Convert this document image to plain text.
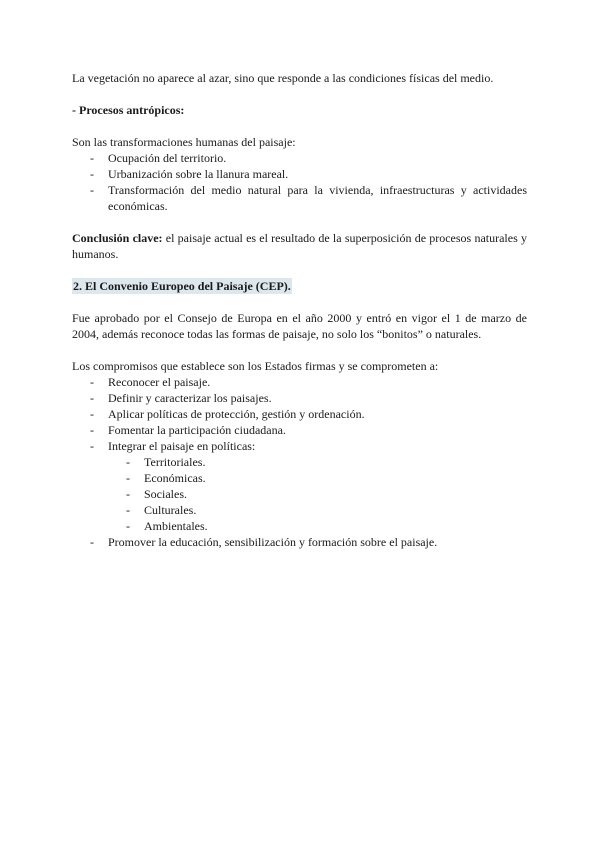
La vegetación no aparece al azar, sino que responde a las condiciones físicas del medio.

- Procesos antrópicos:

Son las transformaciones humanas del paisaje:

- Ocupación del territorio.
- Urbanización sobre la llanura mareal.
- Transformación del medio natural para la vivienda, infraestructuras y actividades económicas.

Conclusión clave: el paisaje actual es el resultado de la superposición de procesos naturales y humanos.

2. El Convenio Europeo del Paisaje (CEP).

Fue aprobado por el Consejo de Europa en el año 2000 y entró en vigor el 1 de marzo de 2004, además reconoce todas las formas de paisaje, no solo los “bonitos” o naturales.

Los compromisos que establece son los Estados firmas y se comprometen a:

- Reconocer el paisaje.
- Definir y caracterizar los paisajes.
- Aplicar políticas de protección, gestión y ordenación.
- Fomentar la participación ciudadana.
- Integrar el paisaje en políticas:
- Territoriales.
- Económicas.
- Sociales.
- Culturales.
- Ambientales.
- Promover la educación, sensibilización y formación sobre el paisaje.
